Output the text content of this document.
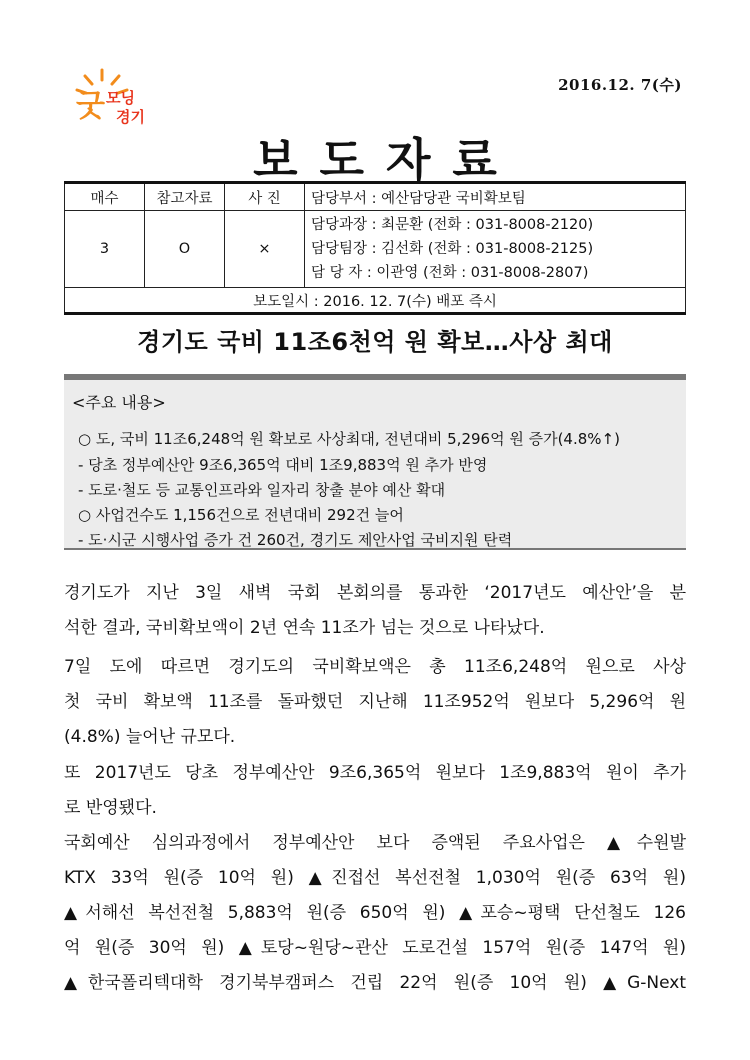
굿 모닝
경기
2016.12. 7(수)
보도자료
매수	참고자료	사 진	담당부서 : 예산담당관 국비확보팀
3	O	×	담당과장 : 최문환 (전화 : 031-8008-2120)
담당팀장 : 김선화 (전화 : 031-8008-2125)
담 당 자 : 이관영 (전화 : 031-8008-2807)

보도일시 : 2016. 12. 7(수) 배포 즉시			
경기도 국비 11조6천억 원 확보…사상 최대
<주요 내용>
○ 도, 국비 11조6,248억 원 확보로 사상최대, 전년대비 5,296억 원 증가(4.8%↑)
- 당초 정부예산안 9조6,365억 대비 1조9,883억 원 추가 반영
- 도로·철도 등 교통인프라와 일자리 창출 분야 예산 확대
○ 사업건수도 1,156건으로 전년대비 292건 늘어
- 도·시군 시행사업 증가 건 260건, 경기도 제안사업 국비지원 탄력
경기도가 지난 3일 새벽 국회 본회의를 통과한 ‘2017년도 예산안’을 분
석한 결과, 국비확보액이 2년 연속 11조가 넘는 것으로 나타났다.
7일 도에 따르면 경기도의 국비확보액은 총 11조6,248억 원으로 사상
첫 국비 확보액 11조를 돌파했던 지난해 11조952억 원보다 5,296억 원
(4.8%) 늘어난 규모다.
또 2017년도 당초 정부예산안 9조6,365억 원보다 1조9,883억 원이 추가
로 반영됐다.
국회예산 심의과정에서 정부예산안 보다 증액된 주요사업은 ▲수원발
KTX 33억 원(증 10억 원) ▲진접선 복선전철 1,030억 원(증 63억 원)
▲서해선 복선전철 5,883억 원(증 650억 원) ▲포승~평택 단선철도 126
억 원(증 30억 원) ▲토당~원당~관산 도로건설 157억 원(증 147억 원)
▲한국폴리텍대학 경기북부캠퍼스 건립 22억 원(증 10억 원) ▲G-Next
